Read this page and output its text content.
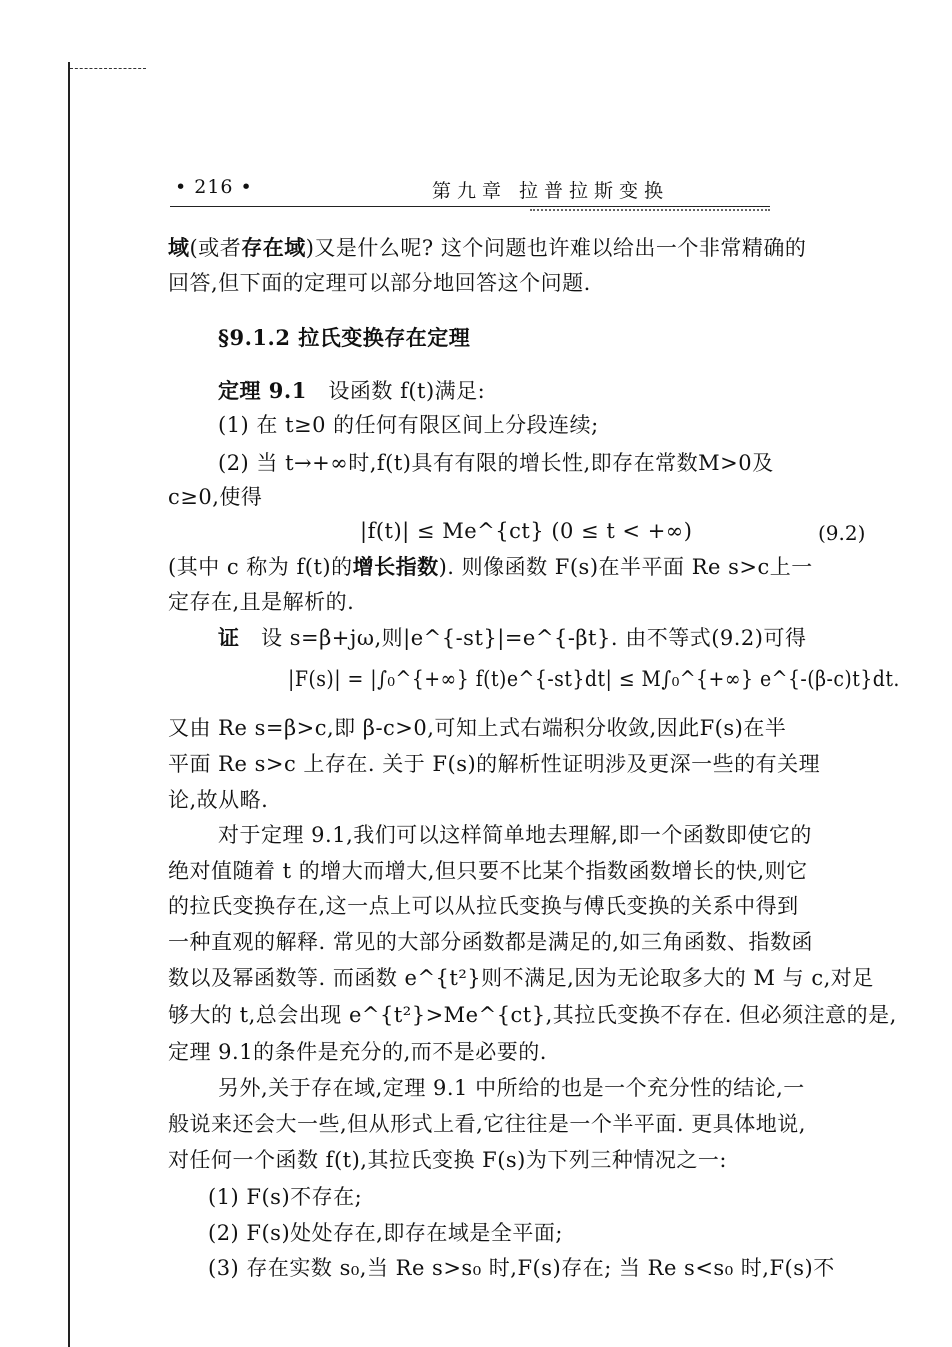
• 216 •	第九章 拉普拉斯变换
域(或者存在域)又是什么呢? 这个问题也许难以给出一个非常精确的
回答,但下面的定理可以部分地回答这个问题.
§9.1.2 拉氏变换存在定理
定理 9.1 设函数 f(t)满足:
(1) 在 t≥0 的任何有限区间上分段连续;
(2) 当 t→+∞时,f(t)具有有限的增长性,即存在常数M>0及
c≥0,使得
|f(t)| ≤ Me^{ct} (0 ≤ t < +∞)	(9.2)
(其中 c 称为 f(t)的增长指数). 则像函数 F(s)在半平面 Re s>c上一
定存在,且是解析的.
证 设 s=β+jω,则|e^{-st}|=e^{-βt}. 由不等式(9.2)可得
|F(s)| = |∫₀^{+∞} f(t)e^{-st}dt| ≤ M∫₀^{+∞} e^{-(β-c)t}dt.
又由 Re s=β>c,即 β-c>0,可知上式右端积分收敛,因此F(s)在半
平面 Re s>c 上存在. 关于 F(s)的解析性证明涉及更深一些的有关理
论,故从略.
对于定理 9.1,我们可以这样简单地去理解,即一个函数即使它的
绝对值随着 t 的增大而增大,但只要不比某个指数函数增长的快,则它
的拉氏变换存在,这一点上可以从拉氏变换与傅氏变换的关系中得到
一种直观的解释. 常见的大部分函数都是满足的,如三角函数、指数函
数以及幂函数等. 而函数 e^{t²}则不满足,因为无论取多大的 M 与 c,对足
够大的 t,总会出现 e^{t²}>Me^{ct},其拉氏变换不存在. 但必须注意的是,
定理 9.1的条件是充分的,而不是必要的.
另外,关于存在域,定理 9.1 中所给的也是一个充分性的结论,一
般说来还会大一些,但从形式上看,它往往是一个半平面. 更具体地说,
对任何一个函数 f(t),其拉氏变换 F(s)为下列三种情况之一:
(1) F(s)不存在;
(2) F(s)处处存在,即存在域是全平面;
(3) 存在实数 s₀,当 Re s>s₀ 时,F(s)存在; 当 Re s<s₀ 时,F(s)不
